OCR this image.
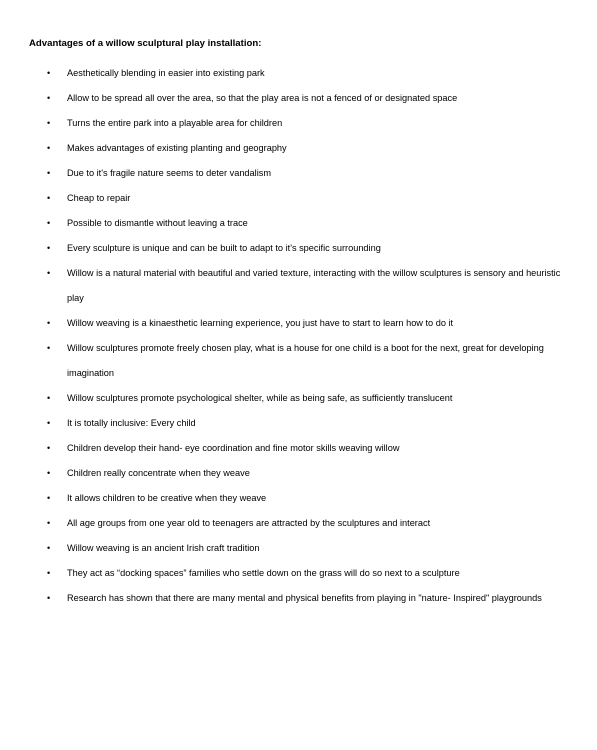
Advantages of a willow sculptural play installation:
• Aesthetically blending in easier into existing park
• Allow to be spread all over the area, so that the play area is not a fenced of or designated space
• Turns the entire park into a playable area for children
• Makes advantages of existing planting and geography
• Due to it's fragile nature seems to deter vandalism
• Cheap to repair
• Possible to dismantle without leaving a trace
• Every sculpture is unique and can be built to adapt to it's specific surrounding
• Willow is a natural material with beautiful and varied texture, interacting with the willow sculptures is sensory and heuristic play
• Willow weaving is a kinaesthetic learning experience, you just have to start to learn how to do it
• Willow sculptures promote freely chosen play, what is a house for one child is a boot for the next, great for developing imagination
• Willow sculptures promote psychological shelter, while as being safe, as sufficiently translucent
• It is totally inclusive: Every child
• Children develop their hand- eye coordination and fine motor skills weaving willow
• Children really concentrate when they weave
• It allows children to be creative when they weave
• All age groups from one year old to teenagers are attracted by the sculptures and interact
• Willow weaving is an ancient Irish craft tradition
• They act as “docking spaces” families who settle down on the grass will do so next to a sculpture
• Research has shown that there are many mental and physical benefits from playing in "nature- Inspired" playgrounds
